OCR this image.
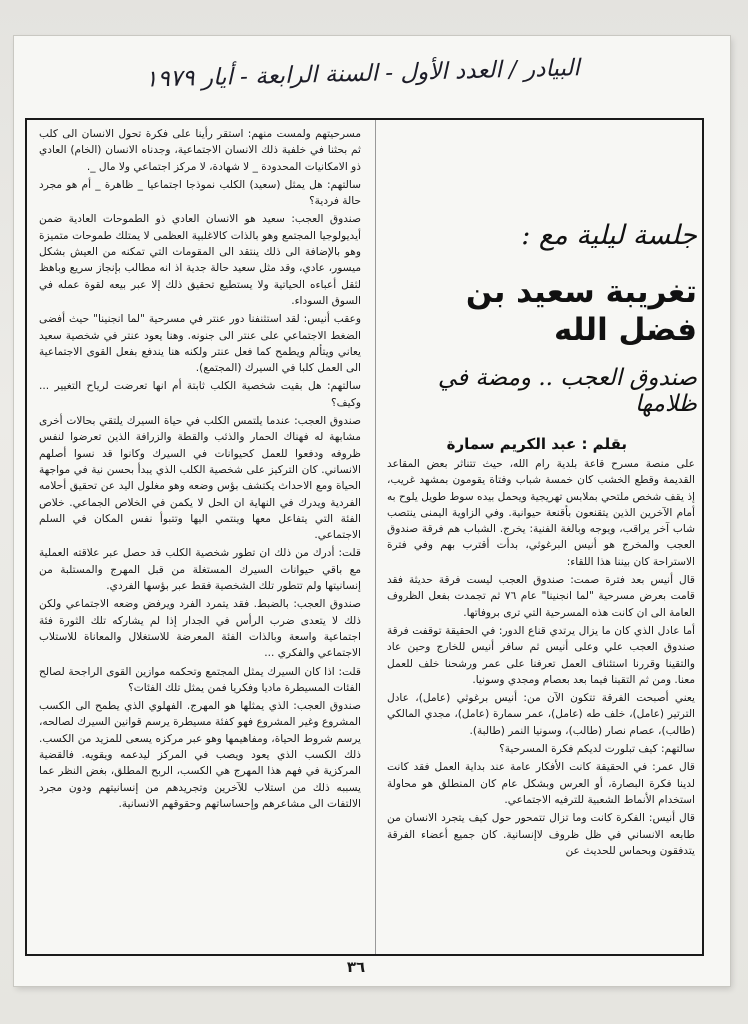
البيادر / العدد الأول - السنة الرابعة - أيار ١٩٧٩

مسرحيتهم ولمست منهم: استقر رأينا على فكرة تحول الانسان الى كلب ثم بحثنا في خلفية ذلك الانسان الاجتماعية، وجدناه الانسان (الخام) العادي ذو الامكانيات المحدودة _ لا شهادة، لا مركز اجتماعي ولا مال _.

سالتهم: هل يمثل (سعيد) الكلب نموذجا اجتماعيا _ ظاهرة _ أم هو مجرد حالة فردية؟

صندوق العجب: سعيد هو الانسان العادي ذو الطموحات العادية ضمن أيديولوجيا المجتمع وهو بالذات كالاغلبية العظمى لا يمتلك طموحات متميزة وهو بالإضافة الى ذلك ينتقد الى المقومات التي تمكنه من العيش بشكل ميسور، عادي، وقد مثل سعيد حالة جدية اذ انه مطالب بإنجاز سريع وباهظ لثقل أعباءه الحياتية ولا يستطيع تحقيق ذلك إلا عبر بيعه لقوة عمله في السوق السوداء.

وعقب أنيس: لقد استثنفنا دور عنتر في مسرحية "لما انجنينا" حيث أفضى الضغط الاجتماعي على عنتر الى جنونه. وهنا يعود عنتر في شخصية سعيد يعاني ويتألم ويطمح كما فعل عنتر ولكنه هنا يندفع بفعل القوى الاجتماعية الى العمل كلبا في السيرك (المجتمع).

سالتهم: هل بقيت شخصية الكلب ثابتة أم انها تعرضت لرياح التغيير ... وكيف؟

صندوق العجب: عندما يلتمس الكلب في حياة السيرك يلتقي بحالات أخرى مشابهة له فهناك الحمار والذئب والقطة والزرافة الذين تعرضوا لنفس ظروفه ودفعوا للعمل كحيوانات في السيرك وكانوا قد نسوا أصلهم الانساني. كان التركيز على شخصية الكلب الذي يبدأ بحسن نية في مواجهة الحياة ومع الاحداث يكتشف بؤس وضعه وهو مغلول اليد عن تحقيق أحلامه الفردية ويدرك في النهاية ان الحل لا يكمن في الخلاص الجماعي. خلاص الفئة التي يتفاعل معها وينتمي اليها وتتبوأ نفس المكان في السلم الاجتماعي.

قلت: أدرك من ذلك ان تطور شخصية الكلب قد حصل عبر علاقته العملية مع باقي حيوانات السيرك المستغلة من قبل المهرج والمستلبة من إنسانيتها ولم تتطور تلك الشخصية فقط عبر بؤسها الفردي.

صندوق العجب: بالضبط. فقد يتمرد الفرد ويرفض وضعه الاجتماعي ولكن ذلك لا يتعدى ضرب الرأس في الجدار إذا لم يشاركه تلك الثورة فئة اجتماعية واسعة وبالذات الفئة المعرضة للاستغلال والمعاناة للاستلاب الاجتماعي والفكري ...

قلت: اذا كان السيرك يمثل المجتمع وتحكمه موازين القوى الراجحة لصالح الفئات المسيطرة ماديا وفكريا فمن يمثل تلك الفئات؟

صندوق العجب: الذي يمثلها هو المهرج. الفهلوي الذي يطمح الى الكسب المشروع وغير المشروع فهو كفئة مسيطرة يرسم قوانين السيرك لصالحه، يرسم شروط الحياة، ومفاهيمها وهو عبر مركزه يسعى للمزيد من الكسب. ذلك الكسب الذي يعود ويصب في المركز ليدعمه ويقويه. فالقضية المركزية في فهم هذا المهرج هي الكسب، الربح المطلق، بغض النظر عما يسببه ذلك من استلاب للآخرين وتجريدهم من إنسانيتهم ودون مجرد الالتفات الى مشاعرهم وإحساساتهم وحقوقهم الانسانية.

جلسة ليلية مع :
تغريبة سعيد بن فضل الله
صندوق العجب .. ومضة في ظلامها
بقلم : عبد الكريم سمارة

على منصة مسرح قاعة بلدية رام الله، حيث تتناثر بعض المقاعد القديمة وقطع الخشب كان خمسة شباب وفتاة يقومون بمشهد غريب، إذ يقف شخص ملتحي بملابس تهريجية ويحمل بيده سوط طويل يلوح به أمام الآخرين الذين يتقنعون بأقنعة حيوانية. وفي الزاوية اليمنى ينتصب شاب آخر يراقب، ويوجه وبالغة الفنية: يخرج. الشباب هم فرقة صندوق العجب والمخرج هو أنيس البرغوثي، بدأت أقترب بهم وفي فترة الاستراحة كان بيننا هذا اللقاء:

قال أنيس بعد فترة صمت: صندوق العجب ليست فرقة حديثة فقد قامت بعرض مسرحية "لما انجنينا" عام ٧٦ ثم تجمدت بفعل الظروف العامة الى ان كانت هذه المسرحية التي ترى بروفاتها.

أما عادل الذي كان ما يزال يرتدي قناع الدور: في الحقيقة توقفت فرقة صندوق العجب علي وعلى أنيس ثم سافر أنيس للخارج وحين عاد والتقينا وقررنا استئناف العمل تعرفنا على عمر ورشحنا خلف للعمل معنا. ومن ثم التقينا فيما بعد بعصام ومجدي وسونيا.

يعني أصبحت الفرقة تتكون الآن من: أنيس برغوثي (عامل)، عادل الترتير (عامل)، خلف طه (عامل)، عمر سمارة (عامل)، مجدي المالكي (طالب)، عصام نصار (طالب)، وسونيا النمر (طالبة).

سالتهم: كيف تبلورت لديكم فكرة المسرحية؟

قال عمر: في الحقيقة كانت الأفكار عامة عند بداية العمل فقد كانت لدينا فكرة البصارة، أو العرس وبشكل عام كان المنطلق هو محاولة استخدام الأنماط الشعبية للترفيه الاجتماعي.

قال أنيس: الفكرة كانت وما تزال تتمحور حول كيف يتجرد الانسان من طابعه الانساني في ظل ظروف لاإنسانية. كان جميع أعضاء الفرقة يتدفقون وبحماس للحديث عن

٣٦
